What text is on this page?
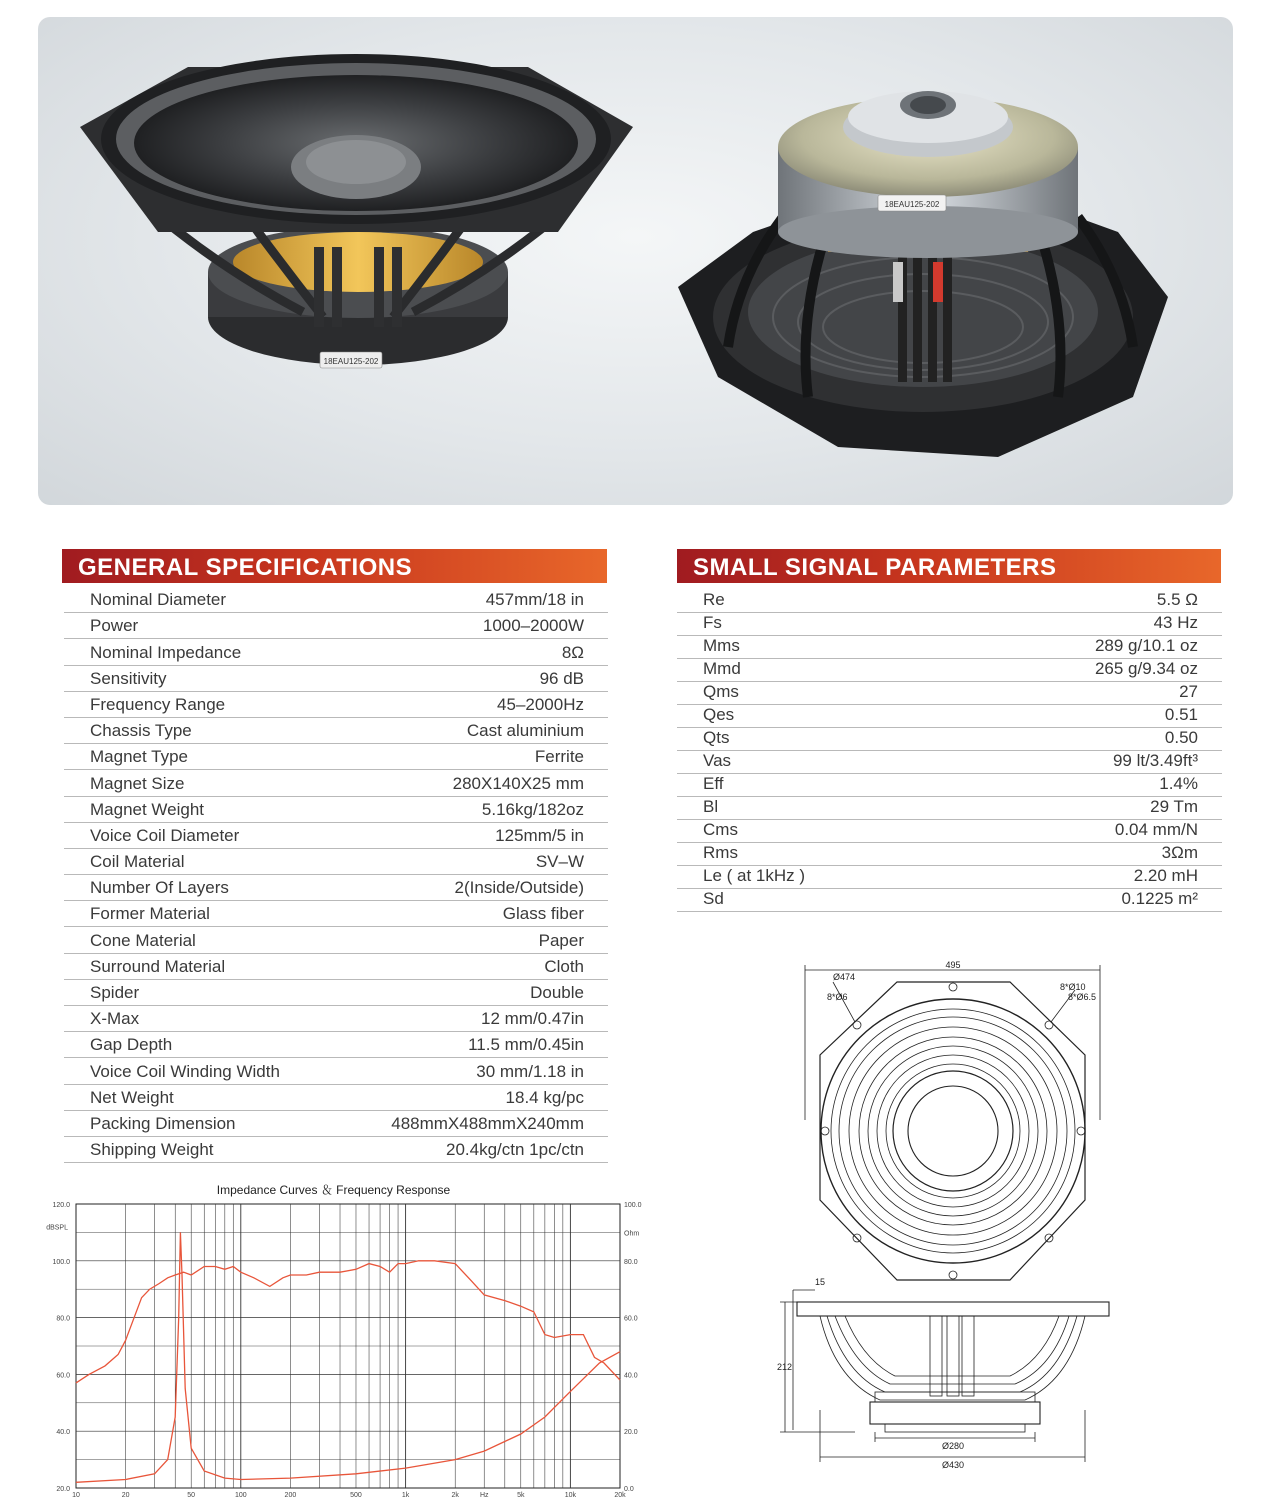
18EAU125-202
18EAU125-202
GENERAL SPECIFICATIONS
Nominal Diameter	457mm/18 in
Power	1000–2000W
Nominal Impedance	8Ω
Sensitivity	96 dB
Frequency Range	45–2000Hz
Chassis Type	Cast aluminium
Magnet Type	Ferrite
Magnet Size	280X140X25 mm
Magnet Weight	5.16kg/182oz
Voice Coil Diameter	125mm/5 in
Coil Material	SV–W
Number Of Layers	2(Inside/Outside)
Former Material	Glass fiber
Cone Material	Paper
Surround Material	Cloth
Spider	Double
X-Max	12 mm/0.47in
Gap Depth	11.5 mm/0.45in
Voice Coil Winding Width	30 mm/1.18 in
Net Weight	18.4 kg/pc
Packing Dimension	488mmX488mmX240mm
Shipping Weight	20.4kg/ctn 1pc/ctn
SMALL SIGNAL PARAMETERS
Re	5.5 Ω
Fs	43 Hz
Mms	289 g/10.1 oz
Mmd	265 g/9.34 oz
Qms	27
Qes	0.51
Qts	0.50
Vas	99 lt/3.49ft³
Eff	1.4%
Bl	29 Tm
Cms	0.04 mm/N
Rms	3Ωm
Le ( at 1kHz )	2.20 mH
Sd	0.1225 m²
Impedance Curves ＆ Frequency Response
20.0
40.0
60.0
80.0
100.0
120.0
0.0
20.0
40.0
60.0
80.0
100.0
dBSPL
Ohm
10	20	50	100	200	500	1k	2k	5k	10k	20k
Hz
495
Ø474
8*Ø6
8*Ø10
8*Ø6.5
15
212
Ø280
Ø430
